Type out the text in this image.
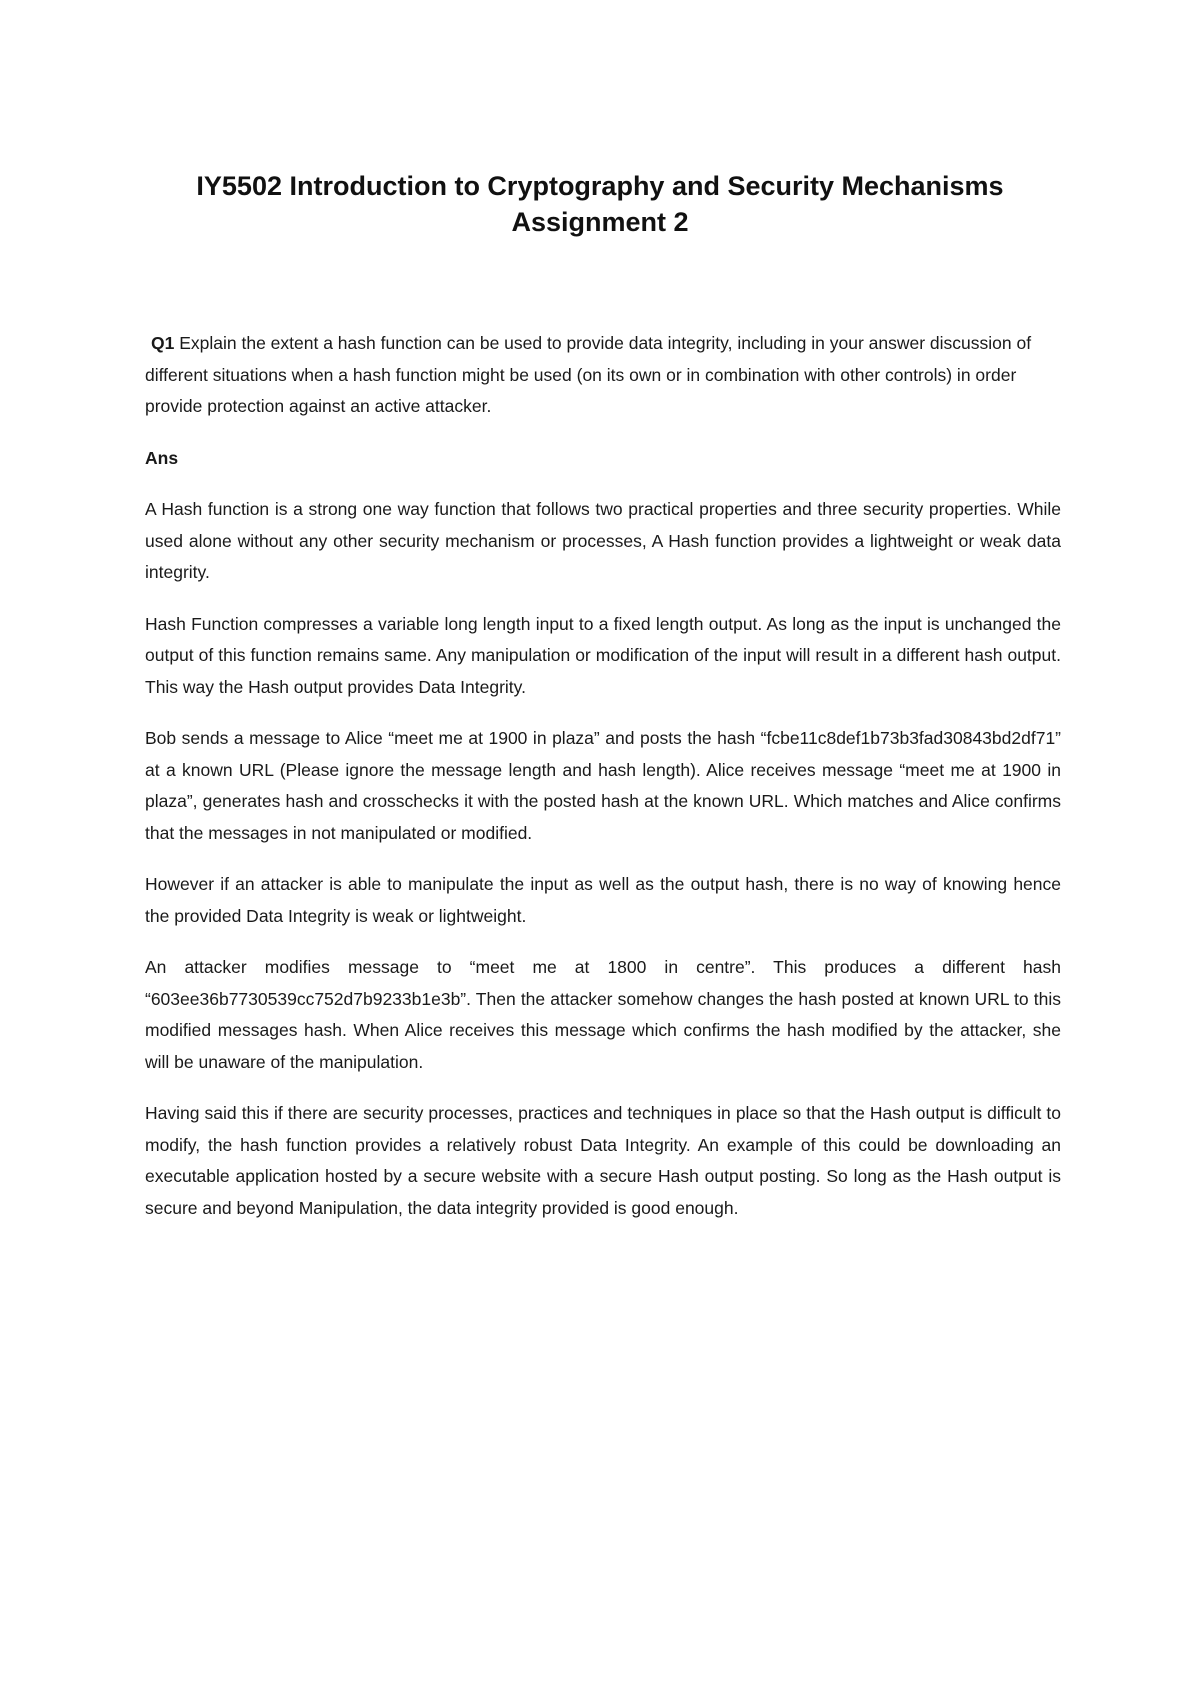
IY5502 Introduction to Cryptography and Security Mechanisms
Assignment 2

Q1 Explain the extent a hash function can be used to provide data integrity, including in your answer discussion of different situations when a hash function might be used (on its own or in combination with other controls) in order provide protection against an active attacker.

Ans

A Hash function is a strong one way function that follows two practical properties and three security properties. While used alone without any other security mechanism or processes, A Hash function provides a lightweight or weak data integrity.

Hash Function compresses a variable long length input to a fixed length output. As long as the input is unchanged the output of this function remains same. Any manipulation or modification of the input will result in a different hash output. This way the Hash output provides Data Integrity.

Bob sends a message to Alice “meet me at 1900 in plaza” and posts the hash “fcbe11c8def1b73b3fad30843bd2df71” at a known URL (Please ignore the message length and hash length). Alice receives message “meet me at 1900 in plaza”, generates hash and crosschecks it with the posted hash at the known URL. Which matches and Alice confirms that the messages in not manipulated or modified.

However if an attacker is able to manipulate the input as well as the output hash, there is no way of knowing hence the provided Data Integrity is weak or lightweight.

An attacker modifies message to “meet me at 1800 in centre”. This produces a different hash “603ee36b7730539cc752d7b9233b1e3b”. Then the attacker somehow changes the hash posted at known URL to this modified messages hash. When Alice receives this message which confirms the hash modified by the attacker, she will be unaware of the manipulation.

Having said this if there are security processes, practices and techniques in place so that the Hash output is difficult to modify, the hash function provides a relatively robust Data Integrity. An example of this could be downloading an executable application hosted by a secure website with a secure Hash output posting. So long as the Hash output is secure and beyond Manipulation, the data integrity provided is good enough.
